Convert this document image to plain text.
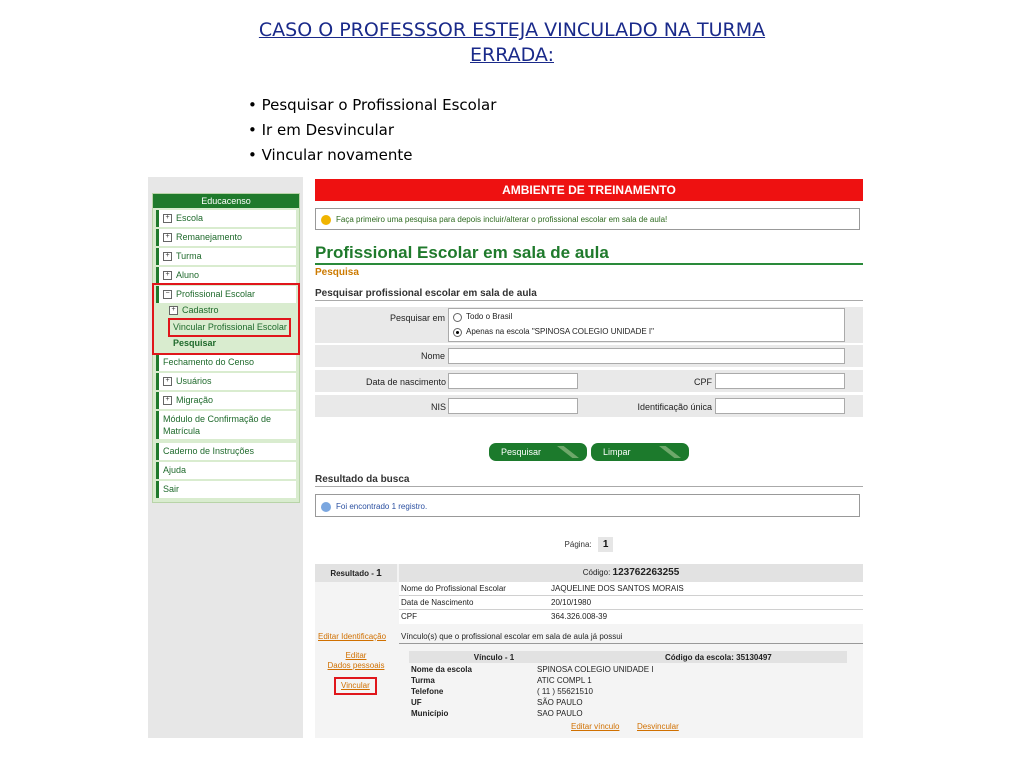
CASO O PROFESSSOR ESTEJA VINCULADO NA TURMA
ERRADA:
• Pesquisar o Profissional Escolar
• Ir em Desvincular
• Vincular novamente
Educacenso
+ Escola
+ Remanejamento
+ Turma
+ Aluno
− Profissional Escolar
+ Cadastro
Vincular Profissional Escolar
Pesquisar
Fechamento do Censo
+ Usuários
+ Migração
Módulo de Confirmação de Matrícula
Caderno de Instruções
Ajuda
Sair
AMBIENTE DE TREINAMENTO
Faça primeiro uma pesquisa para depois incluir/alterar o profissional escolar em sala de aula!
Profissional Escolar em sala de aula
Pesquisa
Pesquisar profissional escolar em sala de aula
Pesquisar em	Todo o Brasil
Apenas na escola "SPINOSA COLEGIO UNIDADE I"
Nome
Data de nascimento	CPF
NIS	Identificação única
Pesquisar	Limpar
Resultado da busca
Foi encontrado 1 registro.
Página: 1
Resultado - 1	Código: 123762263255
Nome do Profissional Escolar	JAQUELINE DOS SANTOS MORAIS
Data de Nascimento	20/10/1980
CPF	364.326.008-39
Editar Identificação Vínculo(s) que o profissional escolar em sala de aula já possui
Editar
Dados pessoais
Vincular
Vínculo - 1	Código da escola: 35130497
Nome da escola	SPINOSA COLEGIO UNIDADE I
Turma	ATIC COMPL 1
Telefone	( 11 ) 55621510
UF	SÃO PAULO
Município	SAO PAULO
Editar vínculo Desvincular
